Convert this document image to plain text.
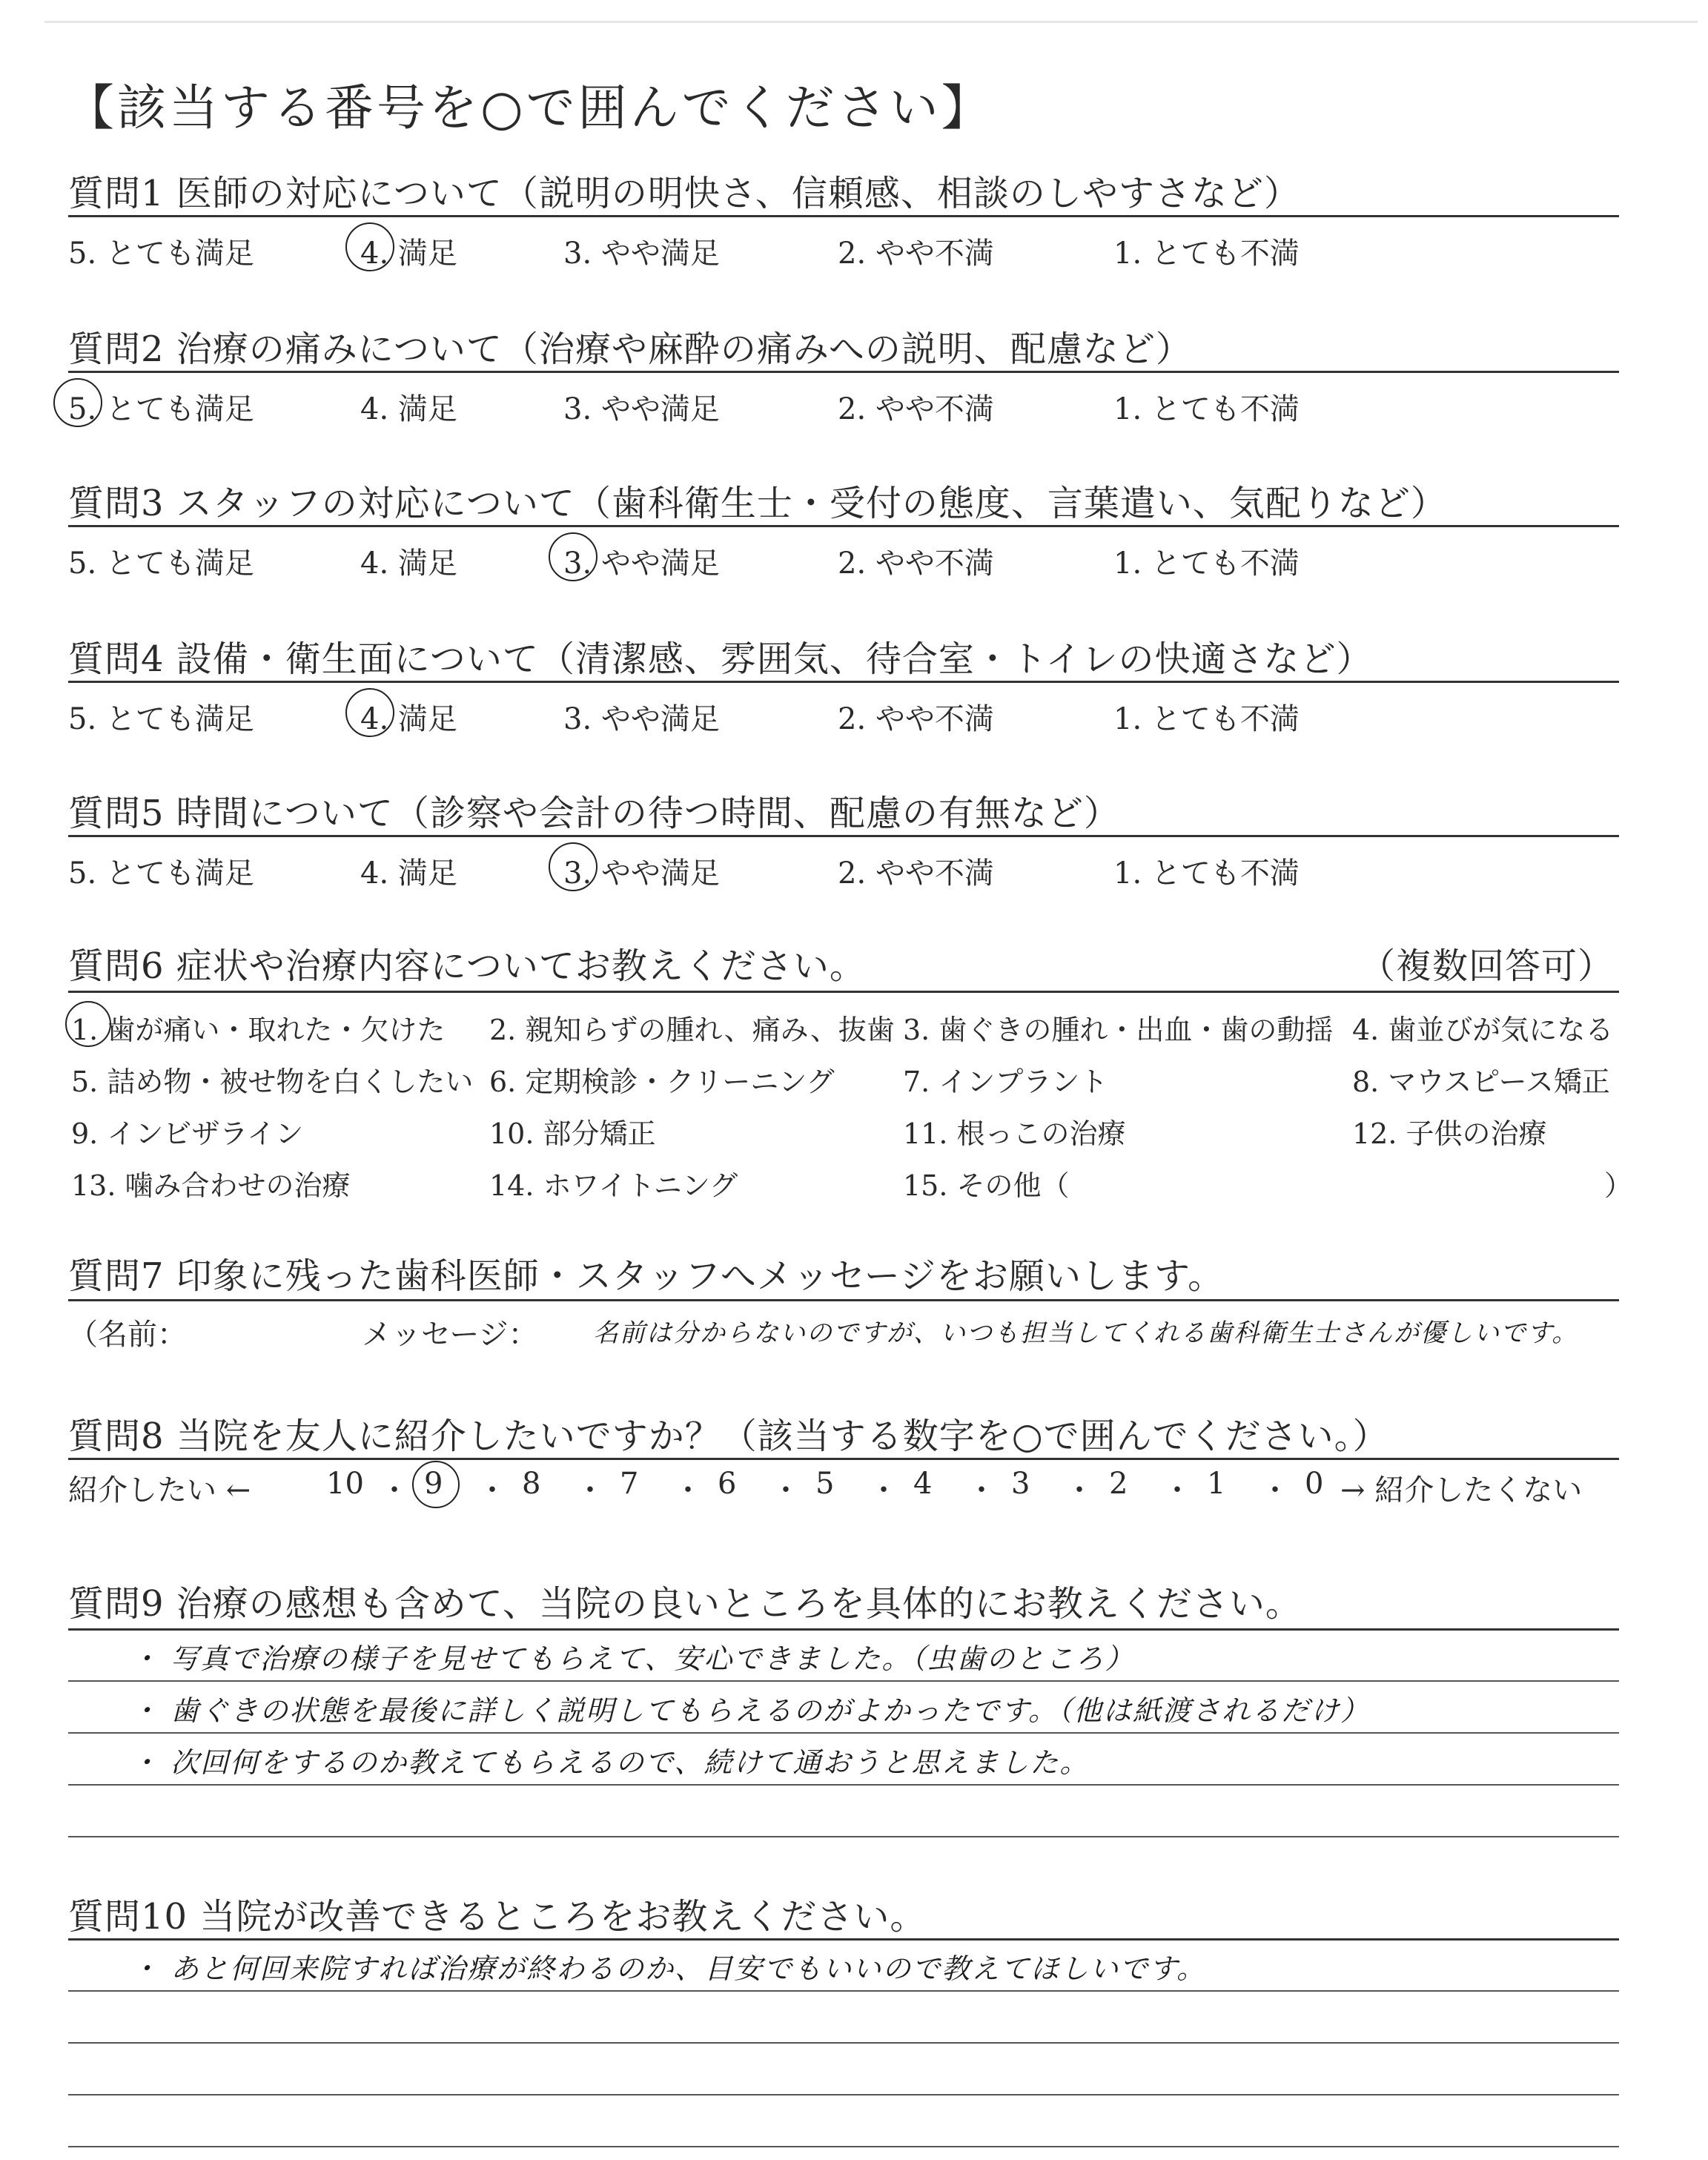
【該当する番号を○で囲んでください】
質問1 医師の対応について（説明の明快さ、信頼感、相談のしやすさなど）
5. とても満足	4. 満足	3. やや満足	2. やや不満	1. とても不満
質問2 治療の痛みについて（治療や麻酔の痛みへの説明、配慮など）
5. とても満足	4. 満足	3. やや満足	2. やや不満	1. とても不満
質問3 スタッフの対応について（歯科衛生士・受付の態度、言葉遣い、気配りなど）
5. とても満足	4. 満足	3. やや満足	2. やや不満	1. とても不満
質問4 設備・衛生面について（清潔感、雰囲気、待合室・トイレの快適さなど）
5. とても満足	4. 満足	3. やや満足	2. やや不満	1. とても不満
質問5 時間について（診察や会計の待つ時間、配慮の有無など）
5. とても満足	4. 満足	3. やや満足	2. やや不満	1. とても不満
質問6 症状や治療内容についてお教えください。	（複数回答可）
1. 歯が痛い・取れた・欠けた 2. 親知らずの腫れ、痛み、抜歯 3. 歯ぐきの腫れ・出血・歯の動揺 4. 歯並びが気になる
5. 詰め物・被せ物を白くしたい 6. 定期検診・クリーニング 7. インプラント	8. マウスピース矯正
9. インビザライン	10. 部分矯正	11. 根っこの治療	12. 子供の治療
13. 噛み合わせの治療	14. ホワイトニング	15. その他（	）
質問7 印象に残った歯科医師・スタッフへメッセージをお願いします。
（名前：	メッセージ： 名前は分からないのですが、いつも担当してくれる歯科衛生士さんが優しいです。
質問8 当院を友人に紹介したいですか？（該当する数字を○で囲んでください。）
紹介したい ←	10 ・ 9 ・ 8 ・ 7 ・ 6 ・ 5 ・ 4 ・ 3 ・ 2 ・ 1 ・ 0 → 紹介したくない
質問9 治療の感想も含めて、当院の良いところを具体的にお教えください。
・ 写真で治療の様子を見せてもらえて、安心できました。（虫歯のところ）
・ 歯ぐきの状態を最後に詳しく説明してもらえるのがよかったです。（他は紙渡されるだけ）
・ 次回何をするのか教えてもらえるので、続けて通おうと思えました。
質問10 当院が改善できるところをお教えください。
・ あと何回来院すれば治療が終わるのか、目安でもいいので教えてほしいです。
